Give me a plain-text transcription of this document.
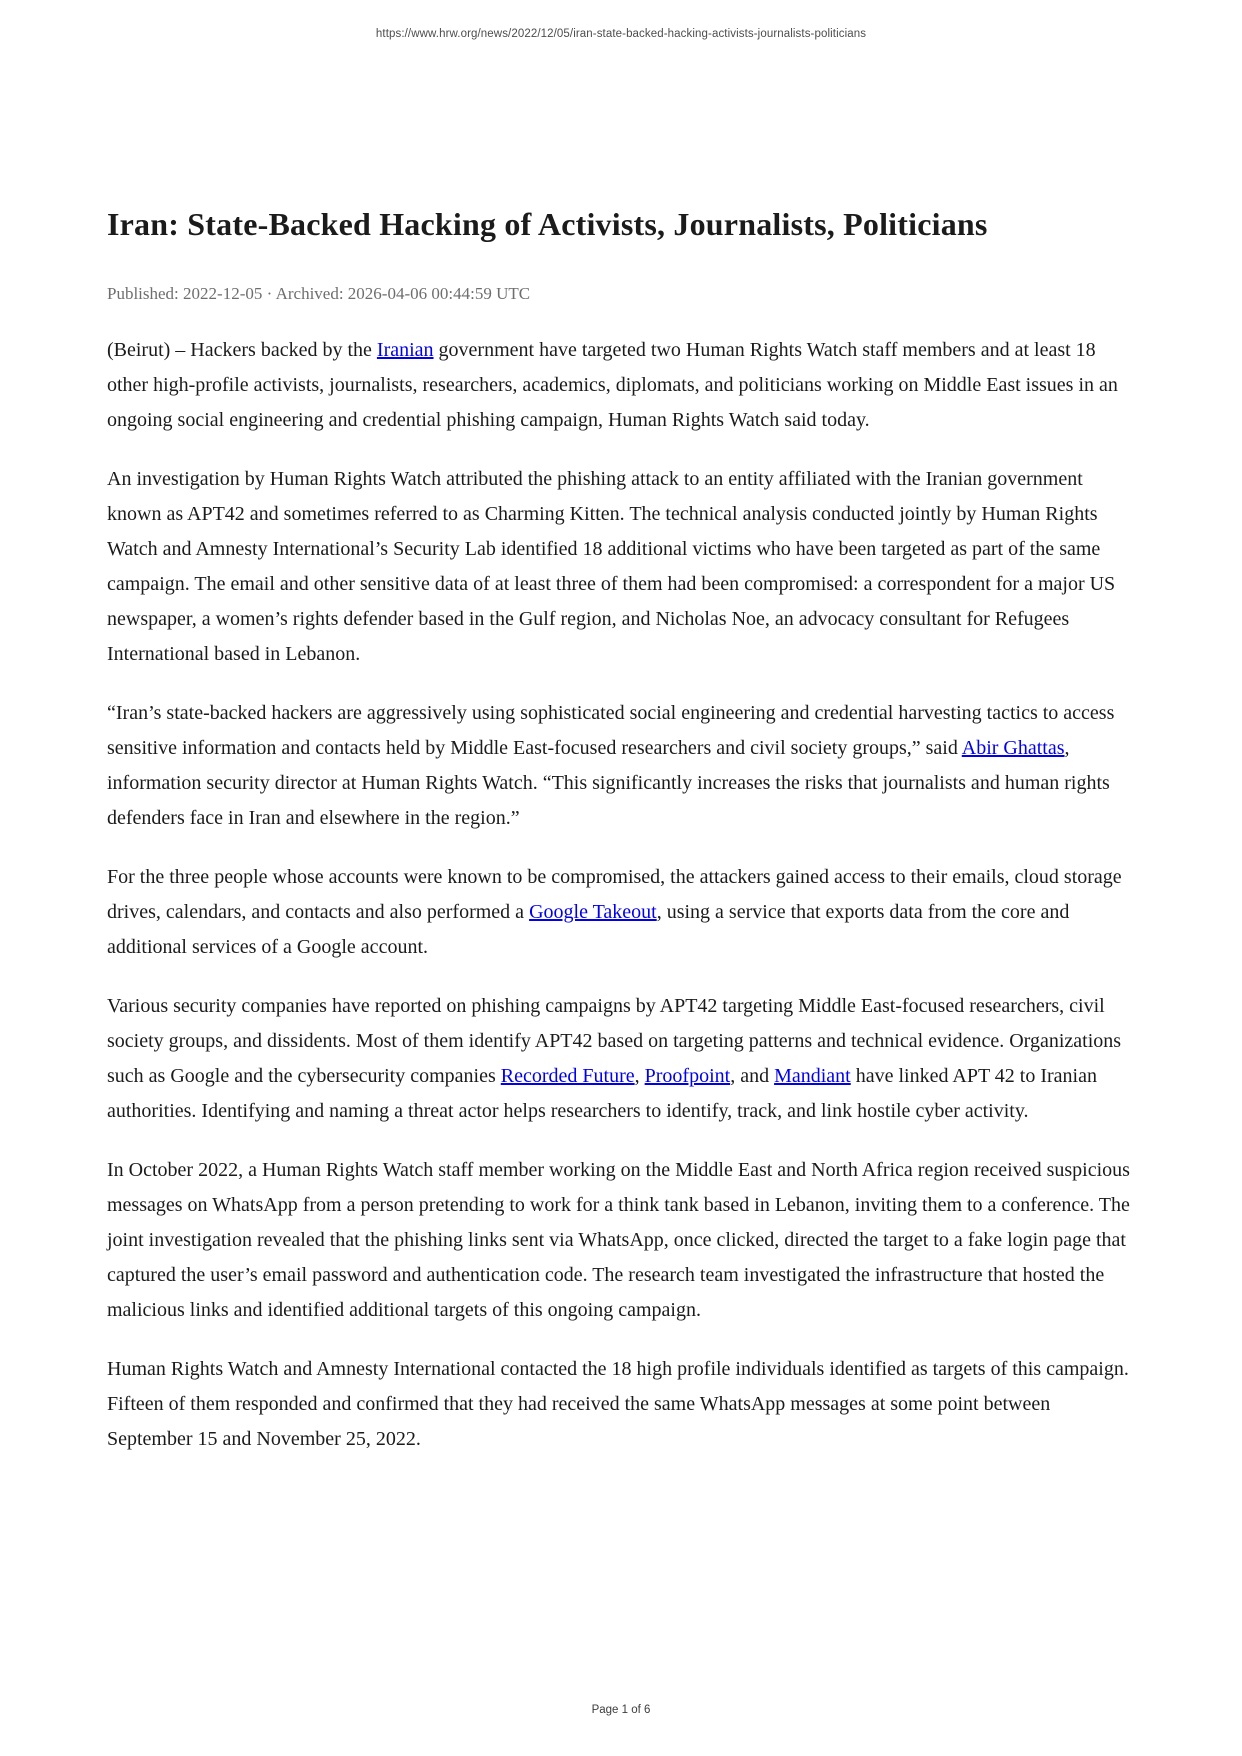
https://www.hrw.org/news/2022/12/05/iran-state-backed-hacking-activists-journalists-politicians
Iran: State-Backed Hacking of Activists, Journalists, Politicians
Published: 2022-12-05 · Archived: 2026-04-06 00:44:59 UTC

(Beirut) – Hackers backed by the Iranian government have targeted two Human Rights Watch staff members and at least 18 other high-profile activists, journalists, researchers, academics, diplomats, and politicians working on Middle East issues in an ongoing social engineering and credential phishing campaign, Human Rights Watch said today.

An investigation by Human Rights Watch attributed the phishing attack to an entity affiliated with the Iranian government known as APT42 and sometimes referred to as Charming Kitten. The technical analysis conducted jointly by Human Rights Watch and Amnesty International’s Security Lab identified 18 additional victims who have been targeted as part of the same campaign. The email and other sensitive data of at least three of them had been compromised: a correspondent for a major US newspaper, a women’s rights defender based in the Gulf region, and Nicholas Noe, an advocacy consultant for Refugees International based in Lebanon.

“Iran’s state-backed hackers are aggressively using sophisticated social engineering and credential harvesting tactics to access sensitive information and contacts held by Middle East-focused researchers and civil society groups,” said Abir Ghattas, information security director at Human Rights Watch. “This significantly increases the risks that journalists and human rights defenders face in Iran and elsewhere in the region.”

For the three people whose accounts were known to be compromised, the attackers gained access to their emails, cloud storage drives, calendars, and contacts and also performed a Google Takeout, using a service that exports data from the core and additional services of a Google account.

Various security companies have reported on phishing campaigns by APT42 targeting Middle East-focused researchers, civil society groups, and dissidents. Most of them identify APT42 based on targeting patterns and technical evidence. Organizations such as Google and the cybersecurity companies Recorded Future, Proofpoint, and Mandiant have linked APT 42 to Iranian authorities. Identifying and naming a threat actor helps researchers to identify, track, and link hostile cyber activity.

In October 2022, a Human Rights Watch staff member working on the Middle East and North Africa region received suspicious messages on WhatsApp from a person pretending to work for a think tank based in Lebanon, inviting them to a conference. The joint investigation revealed that the phishing links sent via WhatsApp, once clicked, directed the target to a fake login page that captured the user’s email password and authentication code. The research team investigated the infrastructure that hosted the malicious links and identified additional targets of this ongoing campaign.

Human Rights Watch and Amnesty International contacted the 18 high profile individuals identified as targets of this campaign. Fifteen of them responded and confirmed that they had received the same WhatsApp messages at some point between September 15 and November 25, 2022.

Page 1 of 6
